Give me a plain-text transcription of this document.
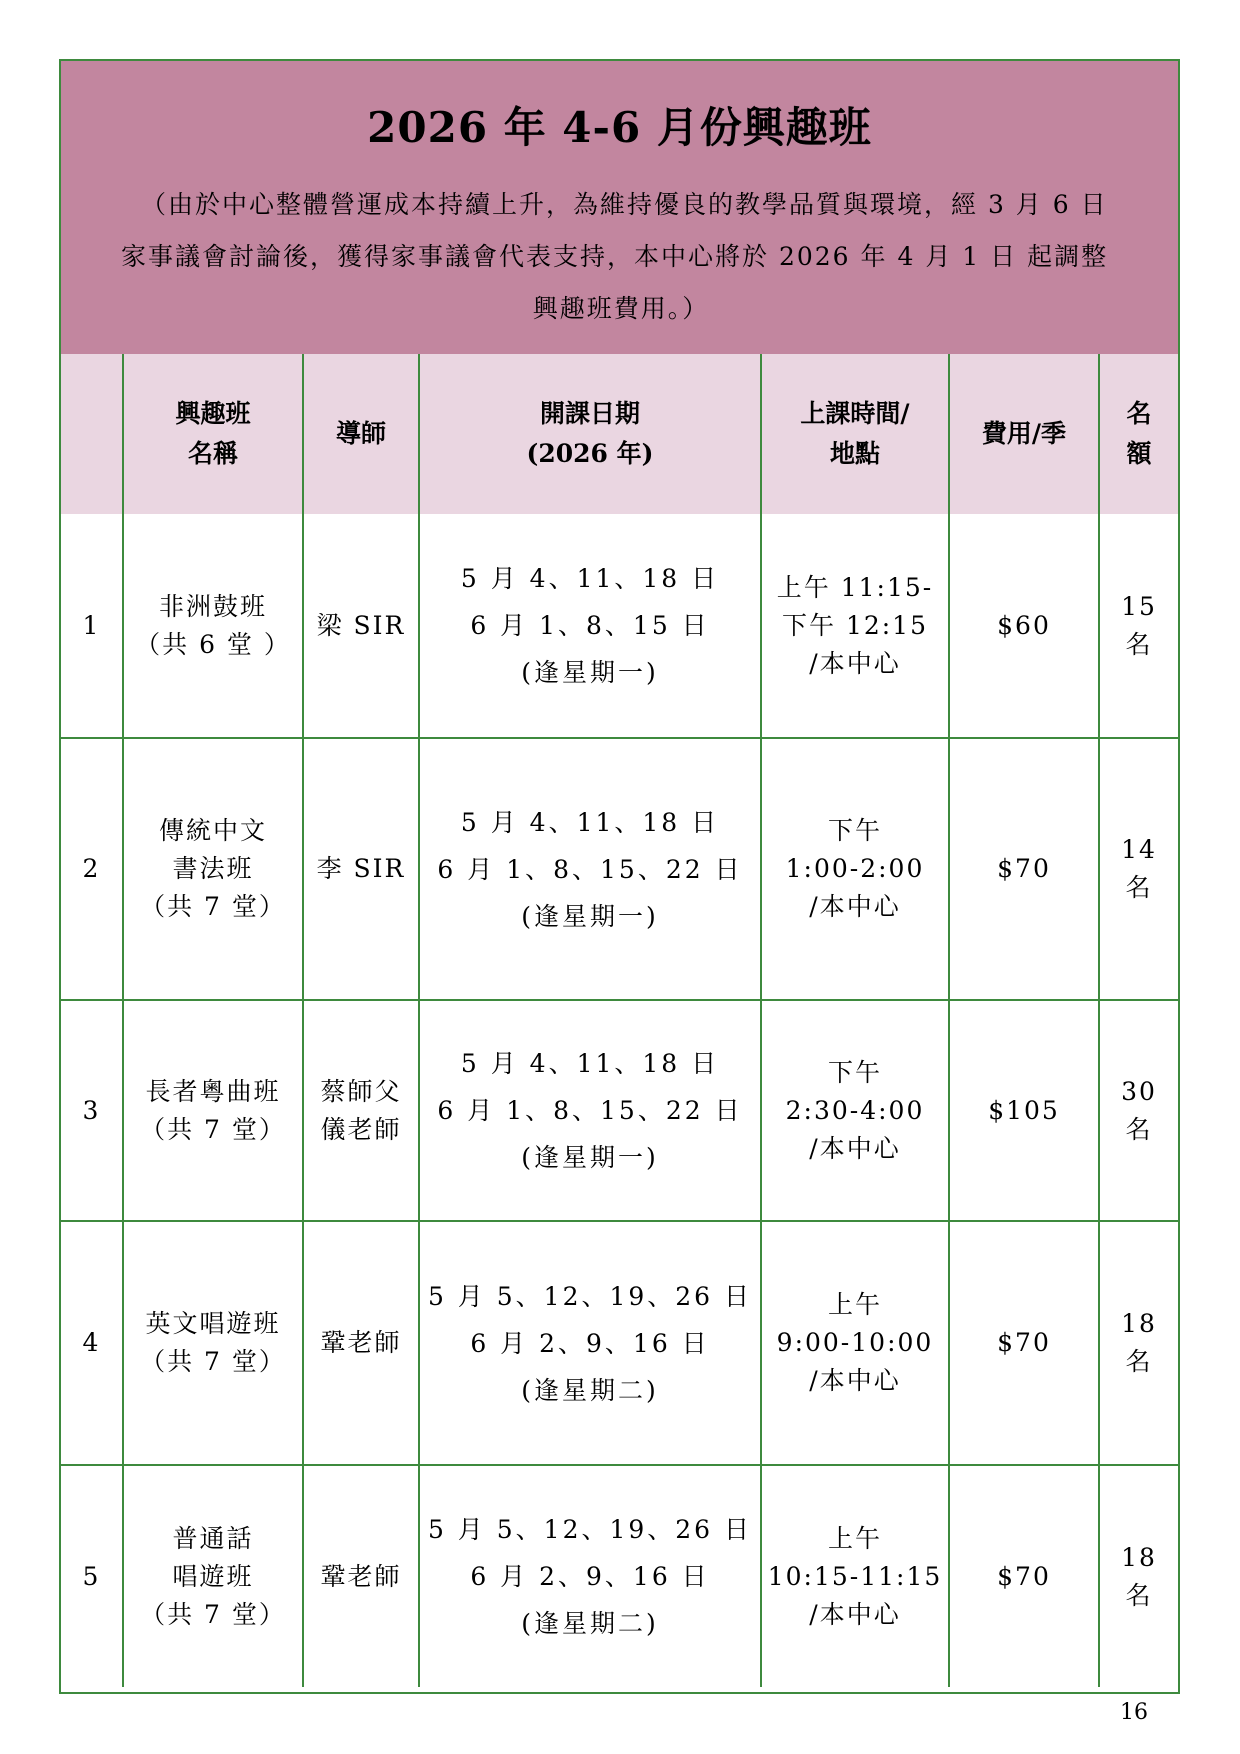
2026 年 4-6 月份興趣班
（由於中心整體營運成本持續上升，為維持優良的教學品質與環境，經 3 月 6 日
家事議會討論後，獲得家事議會代表支持，本中心將於 2026 年 4 月 1 日 起調整
興趣班費用。）

	興趣班
名稱	導師	開課日期
(2026 年)	上課時間/
地點	費用/季	名
額

1	非洲鼓班
（共 6 堂 ）	梁 SIR	5 月 4、11、18 日
6 月 1、8、15 日
(逢星期一)	上午 11:15-
下午 12:15
/本中心	$60	15
名

2	傳統中文
書法班
（共 7 堂）	李 SIR	5 月 4、11、18 日
6 月 1、8、15、22 日
(逢星期一)	下午
1:00-2:00
/本中心	$70	14
名

3	長者粵曲班
（共 7 堂）	蔡師父
儀老師	5 月 4、11、18 日
6 月 1、8、15、22 日
(逢星期一)	下午
2:30-4:00
/本中心	$105	30
名

4	英文唱遊班
（共 7 堂）	鞏老師	5 月 5、12、19、26 日
6 月 2、9、16 日
(逢星期二)	上午
9:00-10:00
/本中心	$70	18
名

5	普通話
唱遊班
（共 7 堂）	鞏老師	5 月 5、12、19、26 日
6 月 2、9、16 日
(逢星期二)	上午
10:15-11:15
/本中心	$70	18
名
16
